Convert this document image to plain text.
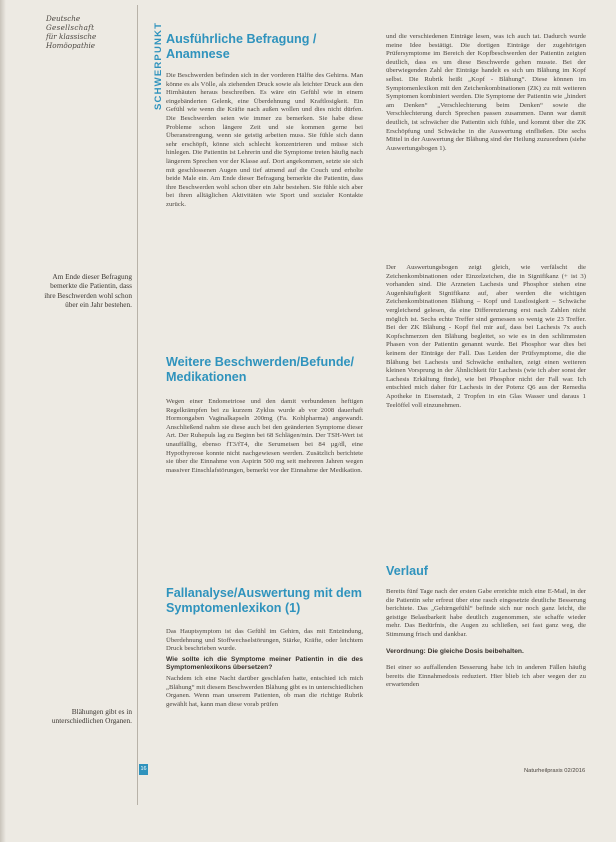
Deutsche
Gesellschaft
für klassische
Homöopathie	SCHWERPUNKT
Am Ende dieser Befragung bemerkte die Patientin, dass ihre Beschwerden wohl schon über ein Jahr bestehen.
Blähungen gibt es in unterschiedlichen Organen.
Ausführliche Befragung / Anamnese

Die Beschwerden befinden sich in der vorderen Hälfte des Gehirns. Man könne es als Völle, als ziehenden Druck sowie als leichter Druck aus den Hirnhäuten heraus beschreiben. Es wäre ein Gefühl wie in einem eingebänderten Gelenk, eine Überdehnung und Kraftlosigkeit. Ein Gefühl wie wenn die Kräfte nach außen wollen und dies nicht dürfen. Die Beschwerden seien wie immer zu bemerken. Sie habe diese Probleme schon längere Zeit und sie kommen gerne bei Überanstrengung, wenn sie geistig arbeiten muss. Sie fühle sich dann sehr erschöpft, könne sich schlecht konzentrieren und müsse sich hinlegen. Die Patientin ist Lehrerin und die Symptome treten häufig nach längerem Sprechen vor der Klasse auf. Dort angekommen, setzte sie sich mit geschlossenen Augen und tief atmend auf die Couch und erholte beide Male ein. Am Ende dieser Befragung bemerkte die Patientin, dass ihre Beschwerden wohl schon über ein Jahr bestehen. Sie fühle sich aber bei ihren alltäglichen Aktivitäten wie Sport und sozialer Kontakte zurück.

Weitere Beschwerden/Befunde/ Medikationen

Wegen einer Endometriose und den damit verbundenen heftigen Regelkrämpfen bei zu kurzem Zyklus wurde ab vor 2008 dauerhaft Hormongaben Vaginalkapseln 200mg (Fa. Kohlpharma) angewandt. Anschließend nahm sie diese auch bei den geänderten Symptome dieser Art. Der Ruhepuls lag zu Beginn bei 68 Schlägen/min. Der TSH-Wert ist unauffällig, ebenso fT3/fT4, die Serumeisen bei 84 µg/dl, eine Hypothyreose konnte nicht nachgewiesen werden. Zusätzlich berichtete sie über die Einnahme von Aspirin 500 mg seit mehreren Jahren wegen massiver Einschlafstörungen, bemerkt vor der Einnahme der Medikation.

Fallanalyse/Auswertung mit dem Symptomenlexikon (1)

Das Hauptsymptom ist das Gefühl im Gehirn, das mit Entzündung, Überdehnung und Stoffwechselstörungen, Stärke, Kräfte, oder leichtem Druck beschrieben wurde.

Wie sollte ich die Symptome meiner Patientin in die des Symptomenlexikons übersetzen?

Nachdem ich eine Nacht darüber geschlafen hatte, entschied ich mich „Blähung“ mit diesem Beschwerden Blähung gibt es in unterschiedlichen Organen. Wenn man unserem Patienten, ob man die richtige Rubrik gewählt hat, kann man diese vorab prüfen

und die verschiedenen Einträge lesen, was ich auch tat. Dadurch wurde meine Idee bestätigt. Die dortigen Einträge der zugehörigen Prüfersymptome im Bereich der Kopfbeschwerden der Patientin zeigten deutlich, dass es um diese Beschwerde gehen musste. Bei der überwiegenden Zahl der Einträge handelt es sich um Blähung im Kopf selbst. Die Rubrik heißt „Kopf - Blähung“. Diese können im Symptomenlexikon mit den Zeichenkombinationen (ZK) zu mit weiteren Symptomen kombiniert werden. Die Symptome der Patientin wie „hindert am Denken“ „Verschlechterung beim Denken“ sowie die Verschlechterung durch Sprechen passen zusammen. Dann war damit deutlich, ist schwächer die Patientin sich fühle, und kommt über die ZK Erschöpfung und Schwäche in die Auswertung einfließen. Die sechs Mittel in der Auswertung der Blähung sind der Heilung zuzuordnen (siehe Auswertungsbogen 1).

Der Auswertungsbogen zeigt gleich, wie verfälscht die Zeichenkombinationen oder Einzelzeichen, die in Signifikanz (+ ist 3) vorhanden sind. Die Arzneien Lachesis und Phosphor stehen eine Augenhäufigkeit Signifikanz auf, aber werden die wichtigen Zeichenkombinationen Blähung – Kopf und Lustlosigkeit – Schwäche vergleichend gelesen, da eine Differenzierung erst nach Zahlen nicht möglich ist. Sechs echte Treffer sind gemessen so wenig wie 23 Treffer. Bei der ZK Blähung - Kopf fiel mir auf, dass bei Lachesis 7x auch Kopfschmerzen den Blähung begleitet, so wie es in den schlimmsten Phasen von der Patientin genannt wurde. Bei Phosphor war dies bei keinem der Einträge der Fall. Das Leiden der Prüfsymptome, die die Blähung bei Lachesis und Schwäche enthalten, zeigt einen weiteren kleinen Vorsprung in der Ähnlichkeit für Lachesis (wie ich aber sonst der Lachesis Erkältung finde), wie bei Phosphor nicht der Fall war. Ich entschied mich daher für Lachesis in der Potenz Q6 aus der Remedia Apotheke in Eisenstadt, 2 Tropfen in ein Glas Wasser und daraus 1 Teelöffel voll einzunehmen.

Verlauf

Bereits fünf Tage nach der ersten Gabe erreichte mich eine E-Mail, in der die Patientin sehr erfreut über eine rasch eingesetzte deutliche Besserung berichtete. Das „Gehirngefühl“ befinde sich nur noch ganz leicht, die geistige Belastbarkeit habe deutlich zugenommen, sie schaffe wieder mehr. Das Bedürfnis, die Augen zu schließen, sei fast ganz weg, die Stimmung frisch und dankbar.

Verordnung: Die gleiche Dosis beibehalten.

Bei einer so auffallenden Besserung habe ich in anderen Fällen häufig bereits die Einnahmedosis reduziert. Hier blieb ich aber wegen der zu erwartenden

16	Naturheilpraxis 02/2016
